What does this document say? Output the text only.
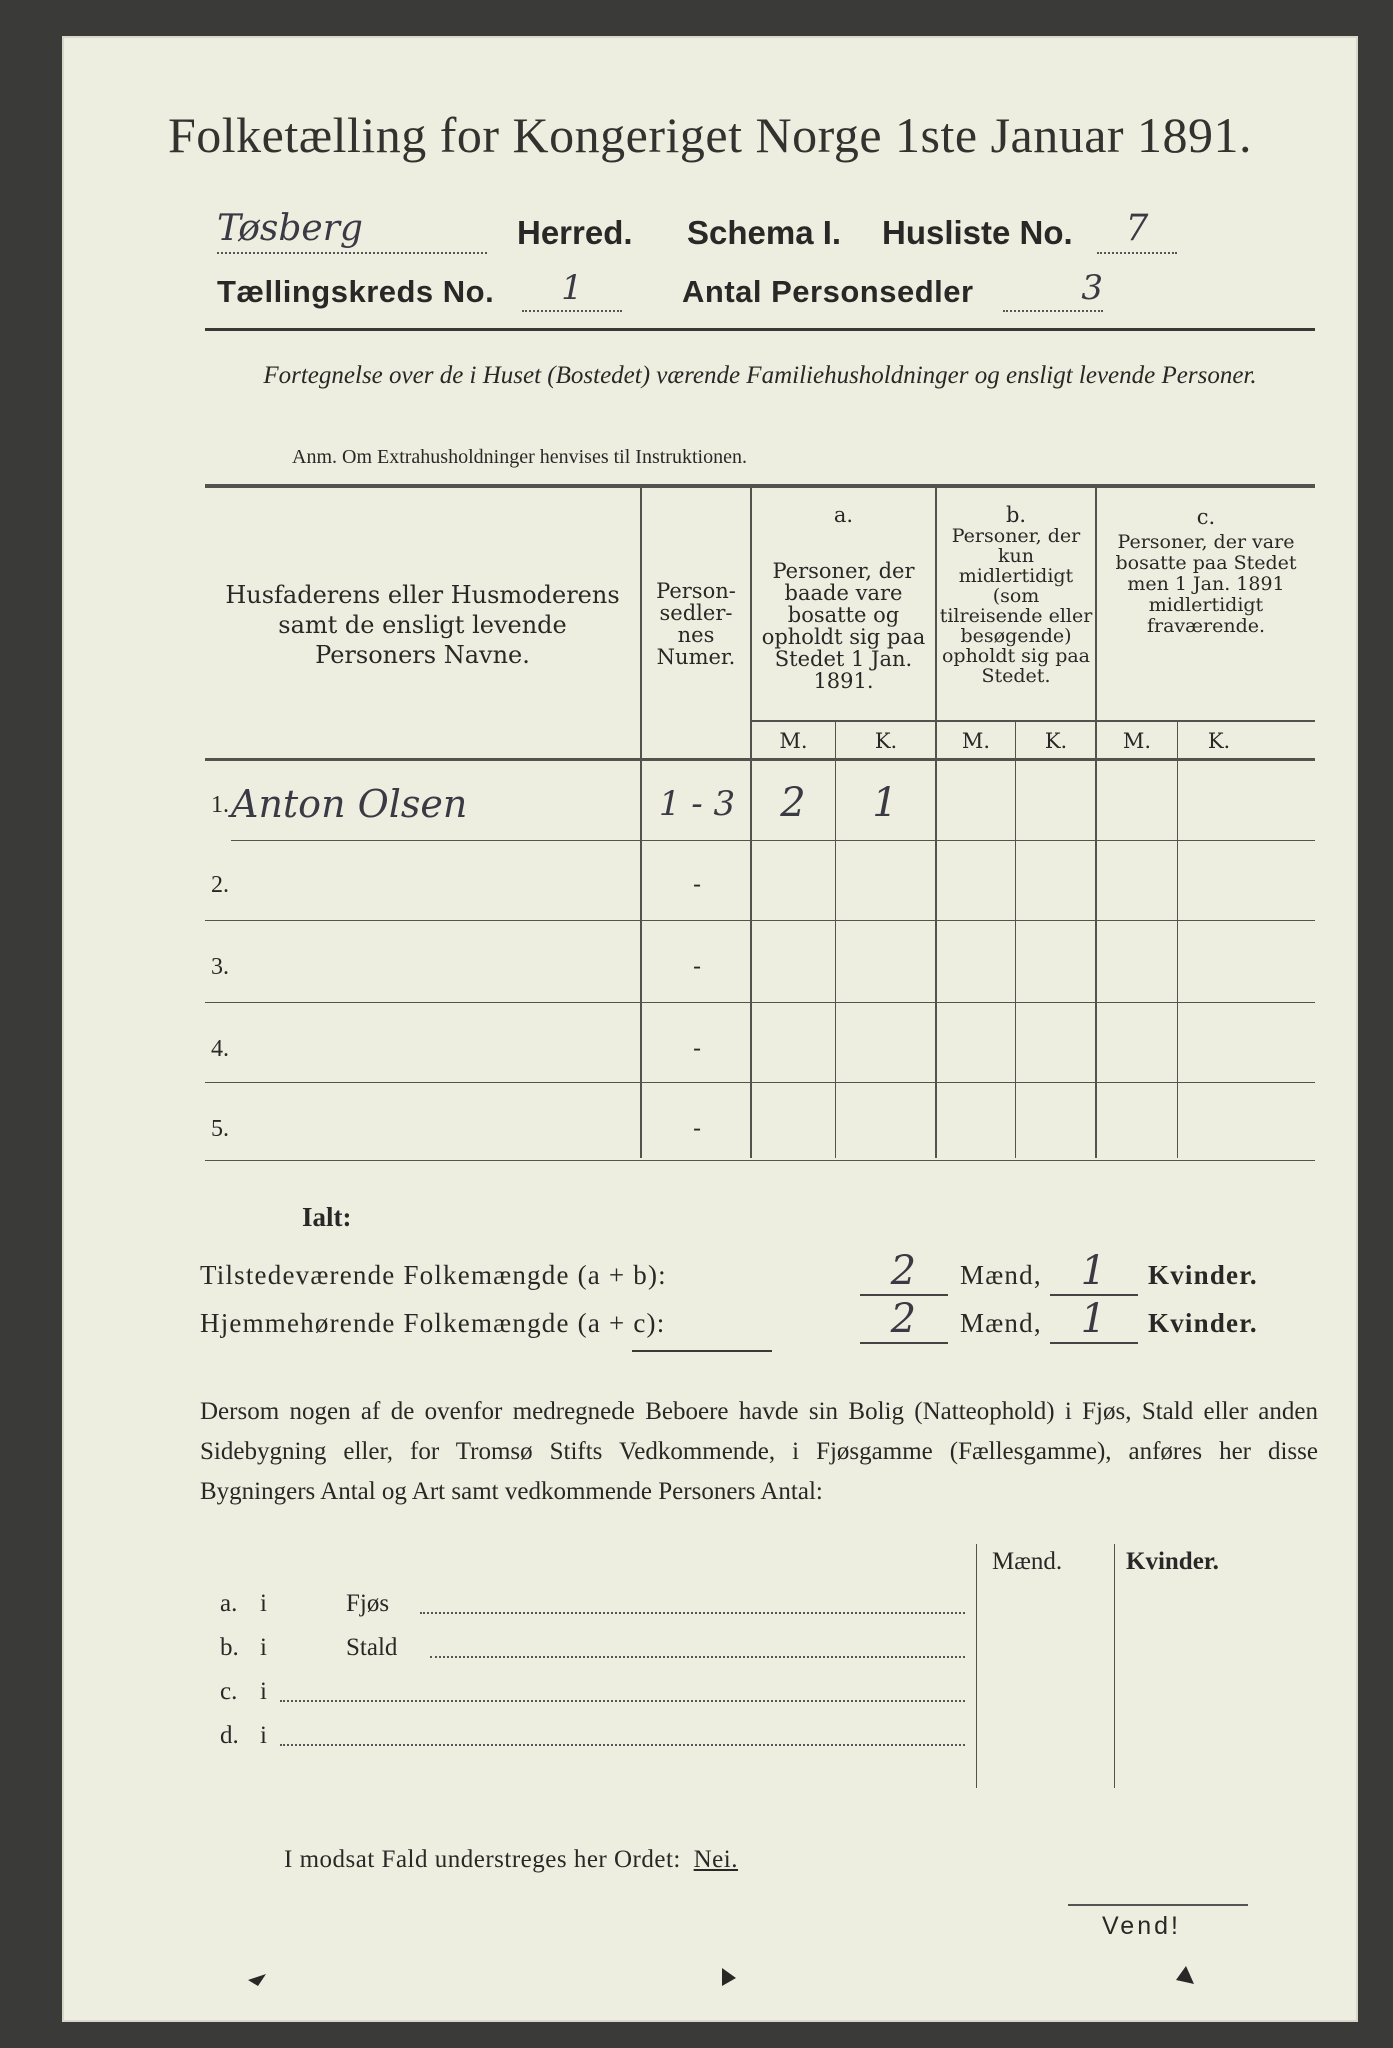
Folketælling for Kongeriget Norge 1ste Januar 1891.
Tøsberg	Herred. Schema I. Husliste No.	7
Tællingskreds No.	1	Antal Personsedler	3
Fortegnelse over de i Huset (Bostedet) værende Familiehusholdninger og ensligt levende Personer.
Anm. Om Extrahusholdninger henvises til Instruktionen.
Husfaderens eller Husmoderens samt de ensligt levende Personers Navne.
Person-sedler-nes Numer.
a.
Personer, der baade vare bosatte og opholdt sig paa Stedet 1 Jan. 1891.
b.
Personer, der kun midlertidigt (som tilreisende eller besøgende) opholdt sig paa Stedet.
c.
Personer, der vare bosatte paa Stedet men 1 Jan. 1891 midlertidigt fraværende.
M.	K.	M.	K.	M.	K.
1. Anton Olsen	1 - 3	2	1
2.	-
3.	-
4.	-
5.	-
Ialt:
Tilstedeværende Folkemængde (a + b):	2	Mænd, 1	Kvinder.
Hjemmehørende Folkemængde (a + c):	2	Mænd, 1	Kvinder.
Dersom nogen af de ovenfor medregnede Beboere havde sin Bolig (Natteophold) i Fjøs, Stald eller anden Sidebygning eller, for Tromsø Stifts Vedkommende, i Fjøsgamme (Fællesgamme), anføres her disse Bygningers Antal og Art samt vedkommende Personers Antal:
Mænd.	Kvinder.
a. i	Fjøs
b. i	Stald
c. i
d. i
I modsat Fald understreges her Ordet: Nei.
Vend!
